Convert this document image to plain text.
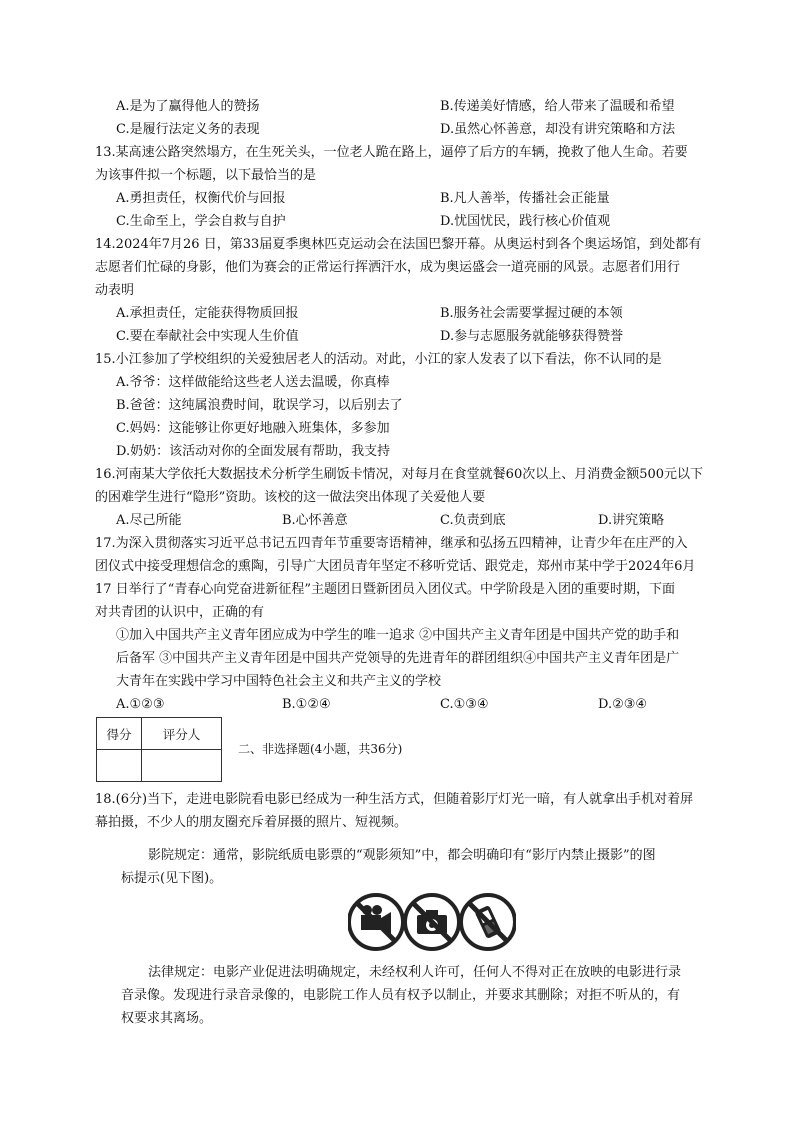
A.是为了赢得他人的赞扬	B.传递美好情感，给人带来了温暖和希望
C.是履行法定义务的表现	D.虽然心怀善意，却没有讲究策略和方法
13.某高速公路突然塌方，在生死关头，一位老人跪在路上，逼停了后方的车辆，挽救了他人生命。若要
为该事件拟一个标题，以下最恰当的是
A.勇担责任，权衡代价与回报	B.凡人善举，传播社会正能量
C.生命至上，学会自救与自护	D.忧国忧民，践行核心价值观
14.2024年7月26 日，第33届夏季奥林匹克运动会在法国巴黎开幕。从奥运村到各个奥运场馆，到处都有
志愿者们忙碌的身影，他们为赛会的正常运行挥洒汗水，成为奥运盛会一道亮丽的风景。志愿者们用行
动表明
A.承担责任，定能获得物质回报	B.服务社会需要掌握过硬的本领
C.要在奉献社会中实现人生价值	D.参与志愿服务就能够获得赞誉
15.小江参加了学校组织的关爱独居老人的活动。对此，小江的家人发表了以下看法，你不认同的是
A.爷爷：这样做能给这些老人送去温暖，你真棒
B.爸爸：这纯属浪费时间，耽误学习，以后别去了
C.妈妈：这能够让你更好地融入班集体，多参加
D.奶奶：该活动对你的全面发展有帮助，我支持
16.河南某大学依托大数据技术分析学生刷饭卡情况，对每月在食堂就餐60次以上、月消费金额500元以下
的困难学生进行“隐形”资助。该校的这一做法突出体现了关爱他人要
A.尽己所能	B.心怀善意	C.负责到底	D.讲究策略
17.为深入贯彻落实习近平总书记五四青年节重要寄语精神，继承和弘扬五四精神，让青少年在庄严的入
团仪式中接受理想信念的熏陶，引导广大团员青年坚定不移听党话、跟党走，郑州市某中学于2024年6月
17 日举行了“青春心向党奋进新征程”主题团日暨新团员入团仪式。中学阶段是入团的重要时期，下面
对共青团的认识中，正确的有
①加入中国共产主义青年团应成为中学生的唯一追求 ②中国共产主义青年团是中国共产党的助手和
后备军 ③中国共产主义青年团是中国共产党领导的先进青年的群团组织④中国共产主义青年团是广
大青年在实践中学习中国特色社会主义和共产主义的学校
A.①②③	B.①②④	C.①③④	D.②③④
得分	评分人

二、非选择题(4小题，共36分)
18.(6分)当下，走进电影院看电影已经成为一种生活方式，但随着影厅灯光一暗，有人就拿出手机对着屏
幕拍摄，不少人的朋友圈充斥着屏摄的照片、短视频。
影院规定：通常，影院纸质电影票的“观影须知”中，都会明确印有“影厅内禁止摄影”的图
标提示(见下图)。
法律规定：电影产业促进法明确规定，未经权利人许可，任何人不得对正在放映的电影进行录
音录像。发现进行录音录像的，电影院工作人员有权予以制止，并要求其删除；对拒不听从的，有
权要求其离场。
